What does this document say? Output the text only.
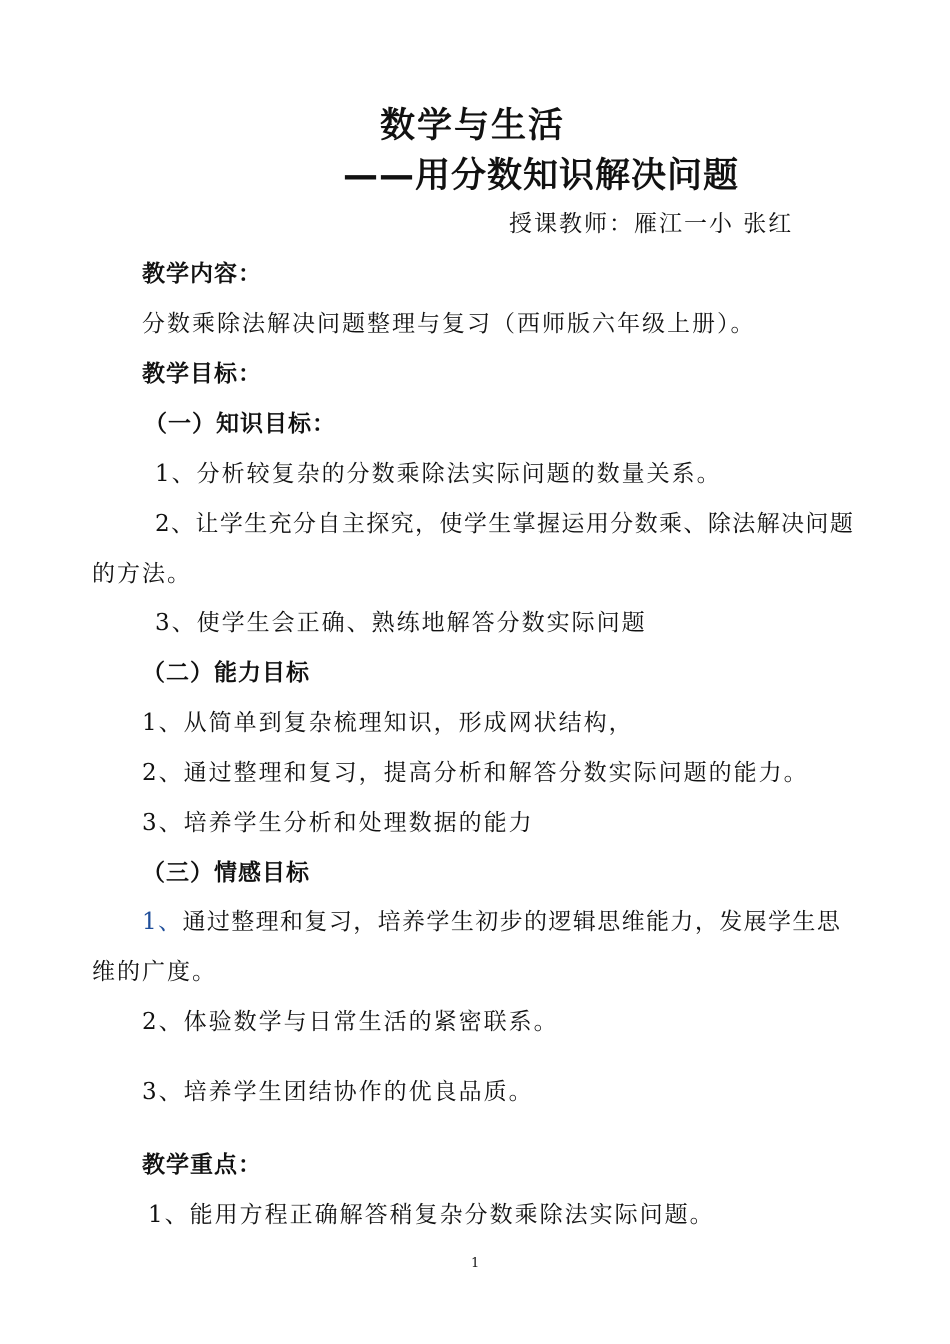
数学与生活
——用分数知识解决问题
授课教师：雁江一小 张红
教学内容：
分数乘除法解决问题整理与复习（西师版六年级上册）。
教学目标：
（一）知识目标：
1、分析较复杂的分数乘除法实际问题的数量关系。
2、让学生充分自主探究，使学生掌握运用分数乘、除法解决问题
的方法。
3、使学生会正确、熟练地解答分数实际问题
（二）能力目标
1、从简单到复杂梳理知识，形成网状结构，
2、通过整理和复习，提高分析和解答分数实际问题的能力。
3、培养学生分析和处理数据的能力
（三）情感目标
1、通过整理和复习，培养学生初步的逻辑思维能力，发展学生思
维的广度。
2、体验数学与日常生活的紧密联系。
3、培养学生团结协作的优良品质。
教学重点：
1、能用方程正确解答稍复杂分数乘除法实际问题。
1
